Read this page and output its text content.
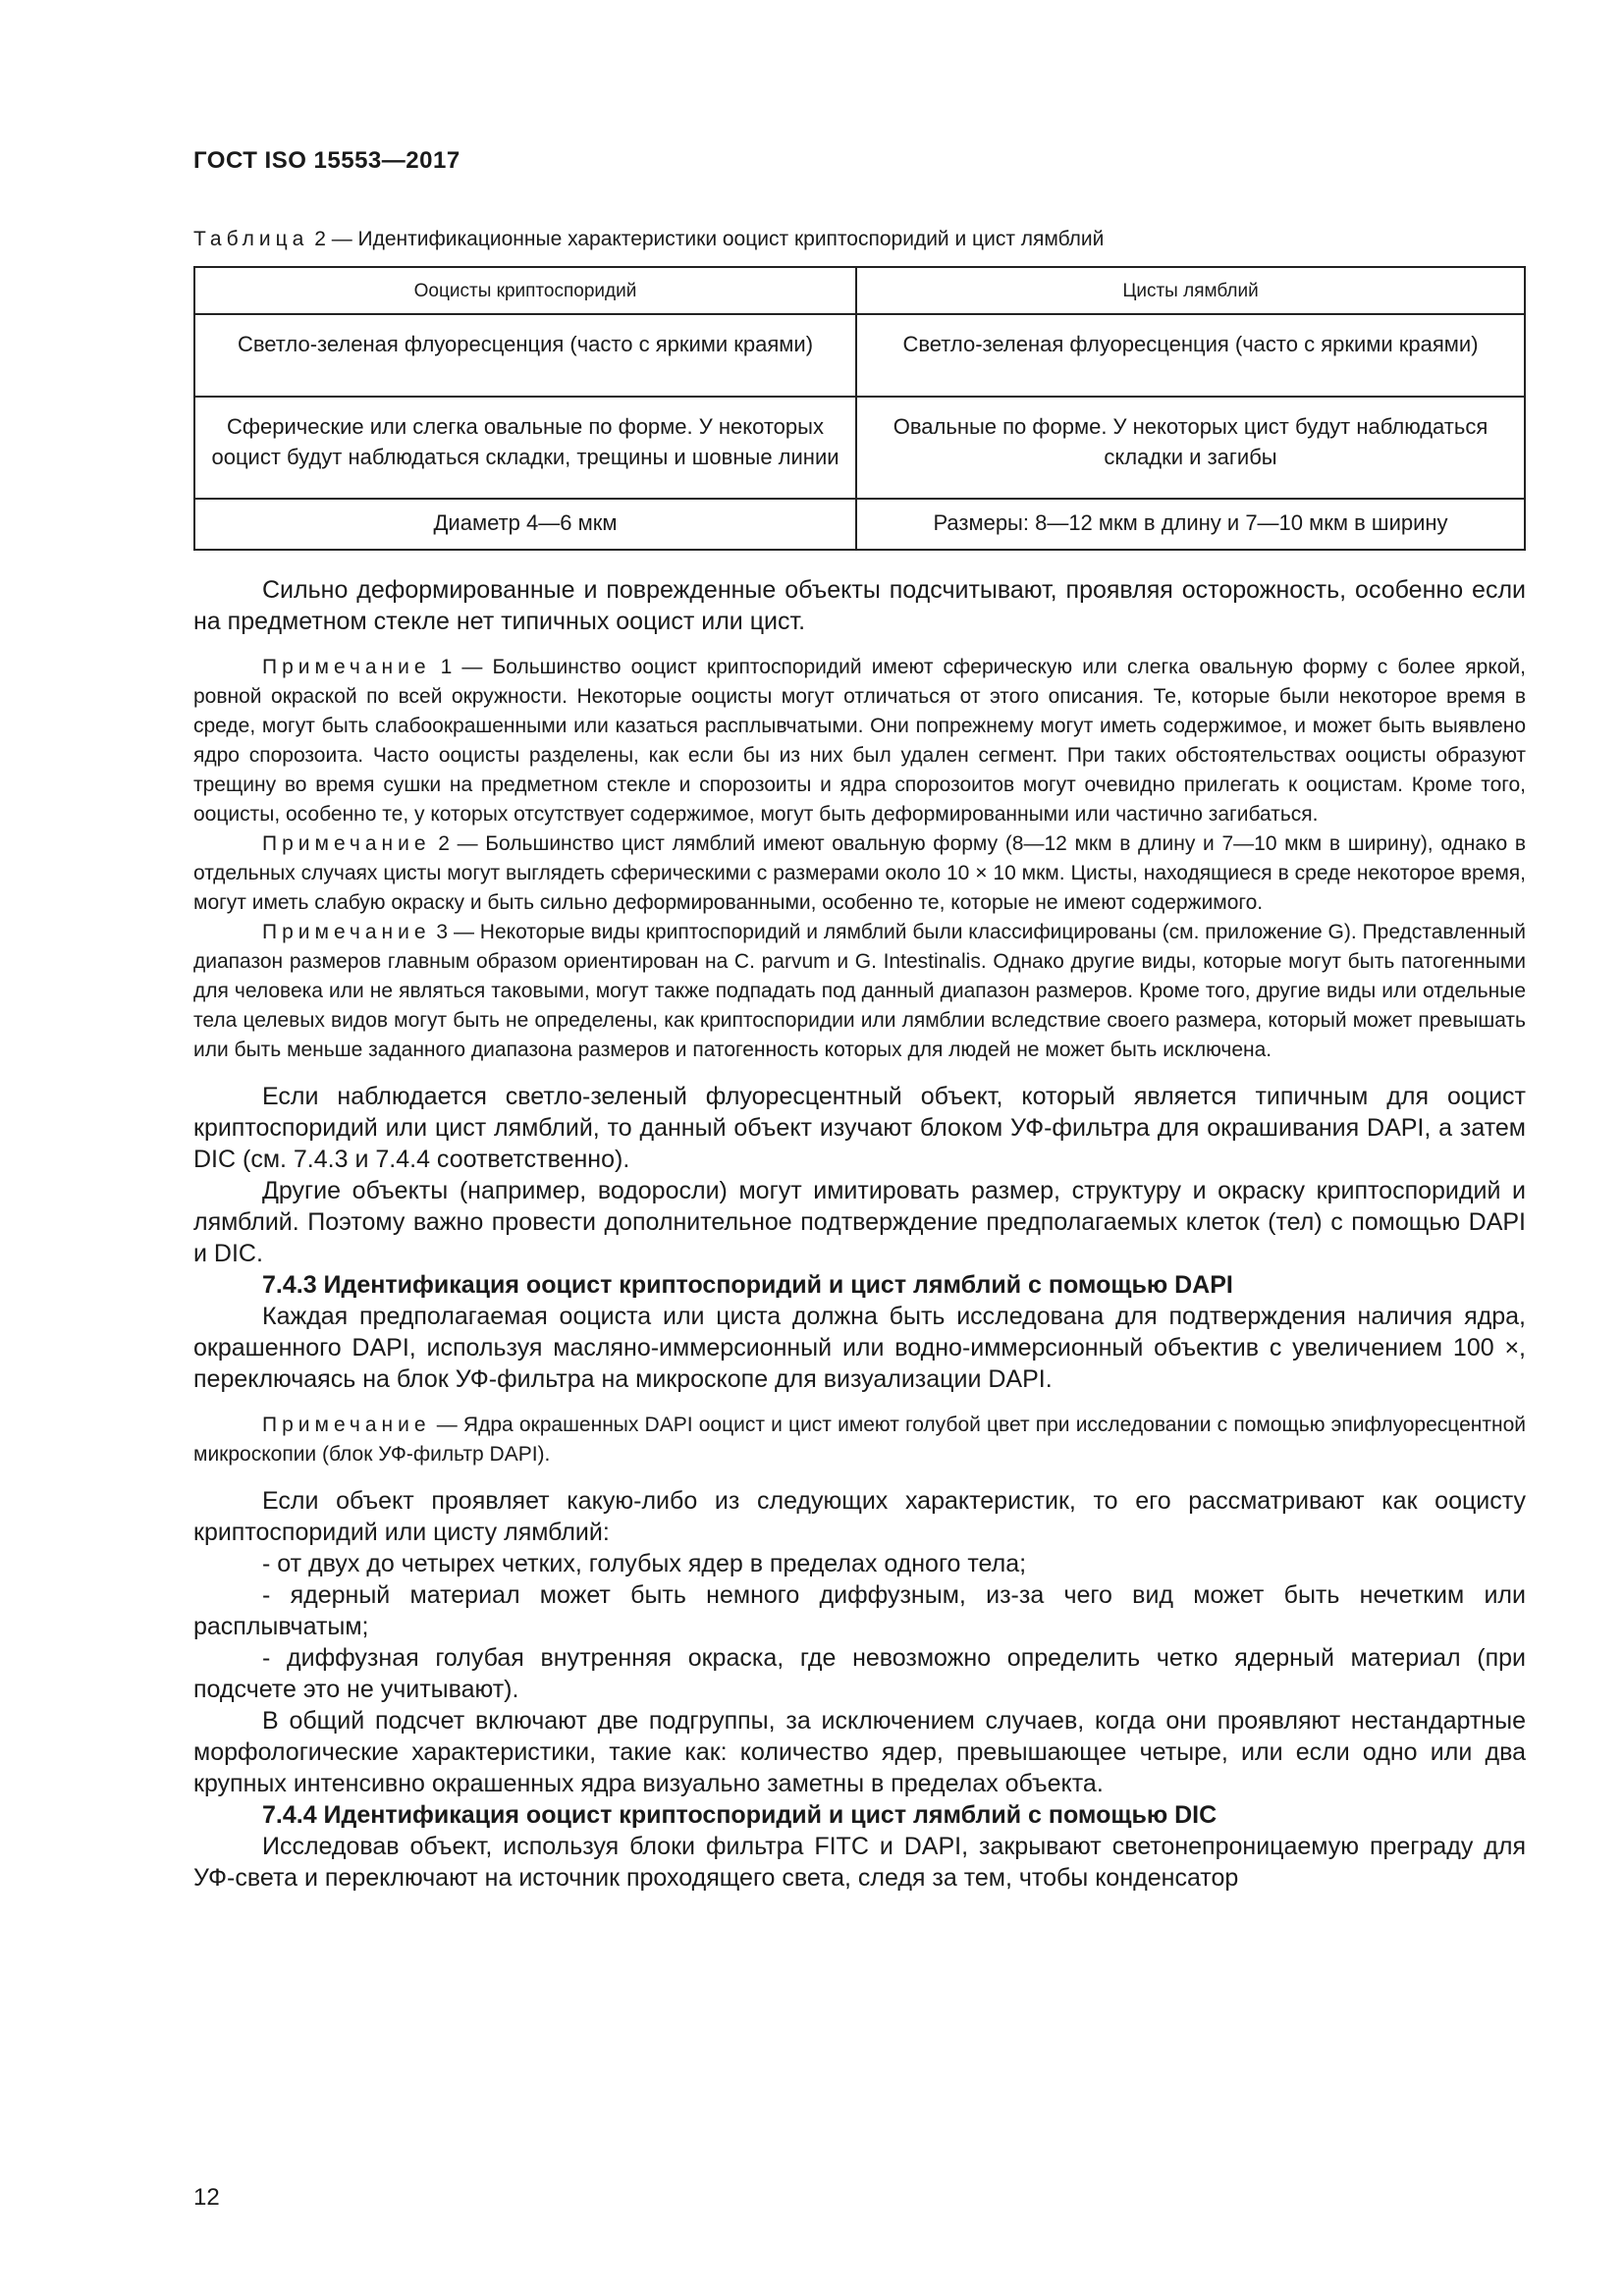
ГОСТ ISO 15553—2017
Таблица 2 — Идентификационные характеристики ооцист криптоспоридий и цист лямблий
Ооцисты криптоспоридий	Цисты лямблий
Светло-зеленая флуоресценция (часто с яркими краями)	Светло-зеленая флуоресценция (часто с яркими краями)
Сферические или слегка овальные по форме. У некоторых ооцист будут наблюдаться складки, трещины и шовные линии	Овальные по форме. У некоторых цист будут наблюдаться складки и загибы
Диаметр 4—6 мкм	Размеры: 8—12 мкм в длину и 7—10 мкм в ширину

Сильно деформированные и поврежденные объекты подсчитывают, проявляя осторожность, особенно если на предметном стекле нет типичных ооцист или цист.

Примечание 1 — Большинство ооцист криптоспоридий имеют сферическую или слегка овальную форму с более яркой, ровной окраской по всей окружности. Некоторые ооцисты могут отличаться от этого описания. Те, которые были некоторое время в среде, могут быть слабоокрашенными или казаться расплывчатыми. Они попрежнему могут иметь содержимое, и может быть выявлено ядро спорозоита. Часто ооцисты разделены, как если бы из них был удален сегмент. При таких обстоятельствах ооцисты образуют трещину во время сушки на предметном стекле и спорозоиты и ядра спорозоитов могут очевидно прилегать к ооцистам. Кроме того, ооцисты, особенно те, у которых отсутствует содержимое, могут быть деформированными или частично загибаться.

Примечание 2 — Большинство цист лямблий имеют овальную форму (8—12 мкм в длину и 7—10 мкм в ширину), однако в отдельных случаях цисты могут выглядеть сферическими с размерами около 10 × 10 мкм. Цисты, находящиеся в среде некоторое время, могут иметь слабую окраску и быть сильно деформированными, особенно те, которые не имеют содержимого.

Примечание 3 — Некоторые виды криптоспоридий и лямблий были классифицированы (см. приложение G). Представленный диапазон размеров главным образом ориентирован на C. parvum и G. Intestinalis. Однако другие виды, которые могут быть патогенными для человека или не являться таковыми, могут также подпадать под данный диапазон размеров. Кроме того, другие виды или отдельные тела целевых видов могут быть не определены, как криптоспоридии или лямблии вследствие своего размера, который может превышать или быть меньше заданного диапазона размеров и патогенность которых для людей не может быть исключена.

Если наблюдается светло-зеленый флуоресцентный объект, который является типичным для ооцист криптоспоридий или цист лямблий, то данный объект изучают блоком УФ-фильтра для окрашивания DAPI, а затем DIC (см. 7.4.3 и 7.4.4 соответственно).

Другие объекты (например, водоросли) могут имитировать размер, структуру и окраску криптоспоридий и лямблий. Поэтому важно провести дополнительное подтверждение предполагаемых клеток (тел) с помощью DAPI и DIC.

7.4.3 Идентификация ооцист криптоспоридий и цист лямблий с помощью DAPI

Каждая предполагаемая ооциста или циста должна быть исследована для подтверждения наличия ядра, окрашенного DAPI, используя масляно-иммерсионный или водно-иммерсионный объектив с увеличением 100 ×, переключаясь на блок УФ-фильтра на микроскопе для визуализации DAPI.

Примечание — Ядра окрашенных DAPI ооцист и цист имеют голубой цвет при исследовании с помощью эпифлуоресцентной микроскопии (блок УФ-фильтр DAPI).

Если объект проявляет какую-либо из следующих характеристик, то его рассматривают как ооцисту криптоспоридий или цисту лямблий:

- от двух до четырех четких, голубых ядер в пределах одного тела;

- ядерный материал может быть немного диффузным, из-за чего вид может быть нечетким или расплывчатым;

- диффузная голубая внутренняя окраска, где невозможно определить четко ядерный материал (при подсчете это не учитывают).

В общий подсчет включают две подгруппы, за исключением случаев, когда они проявляют нестандартные морфологические характеристики, такие как: количество ядер, превышающее четыре, или если одно или два крупных интенсивно окрашенных ядра визуально заметны в пределах объекта.

7.4.4 Идентификация ооцист криптоспоридий и цист лямблий с помощью DIC

Исследовав объект, используя блоки фильтра FITC и DAPI, закрывают светонепроницаемую преграду для УФ-света и переключают на источник проходящего света, следя за тем, чтобы конденсатор

12
